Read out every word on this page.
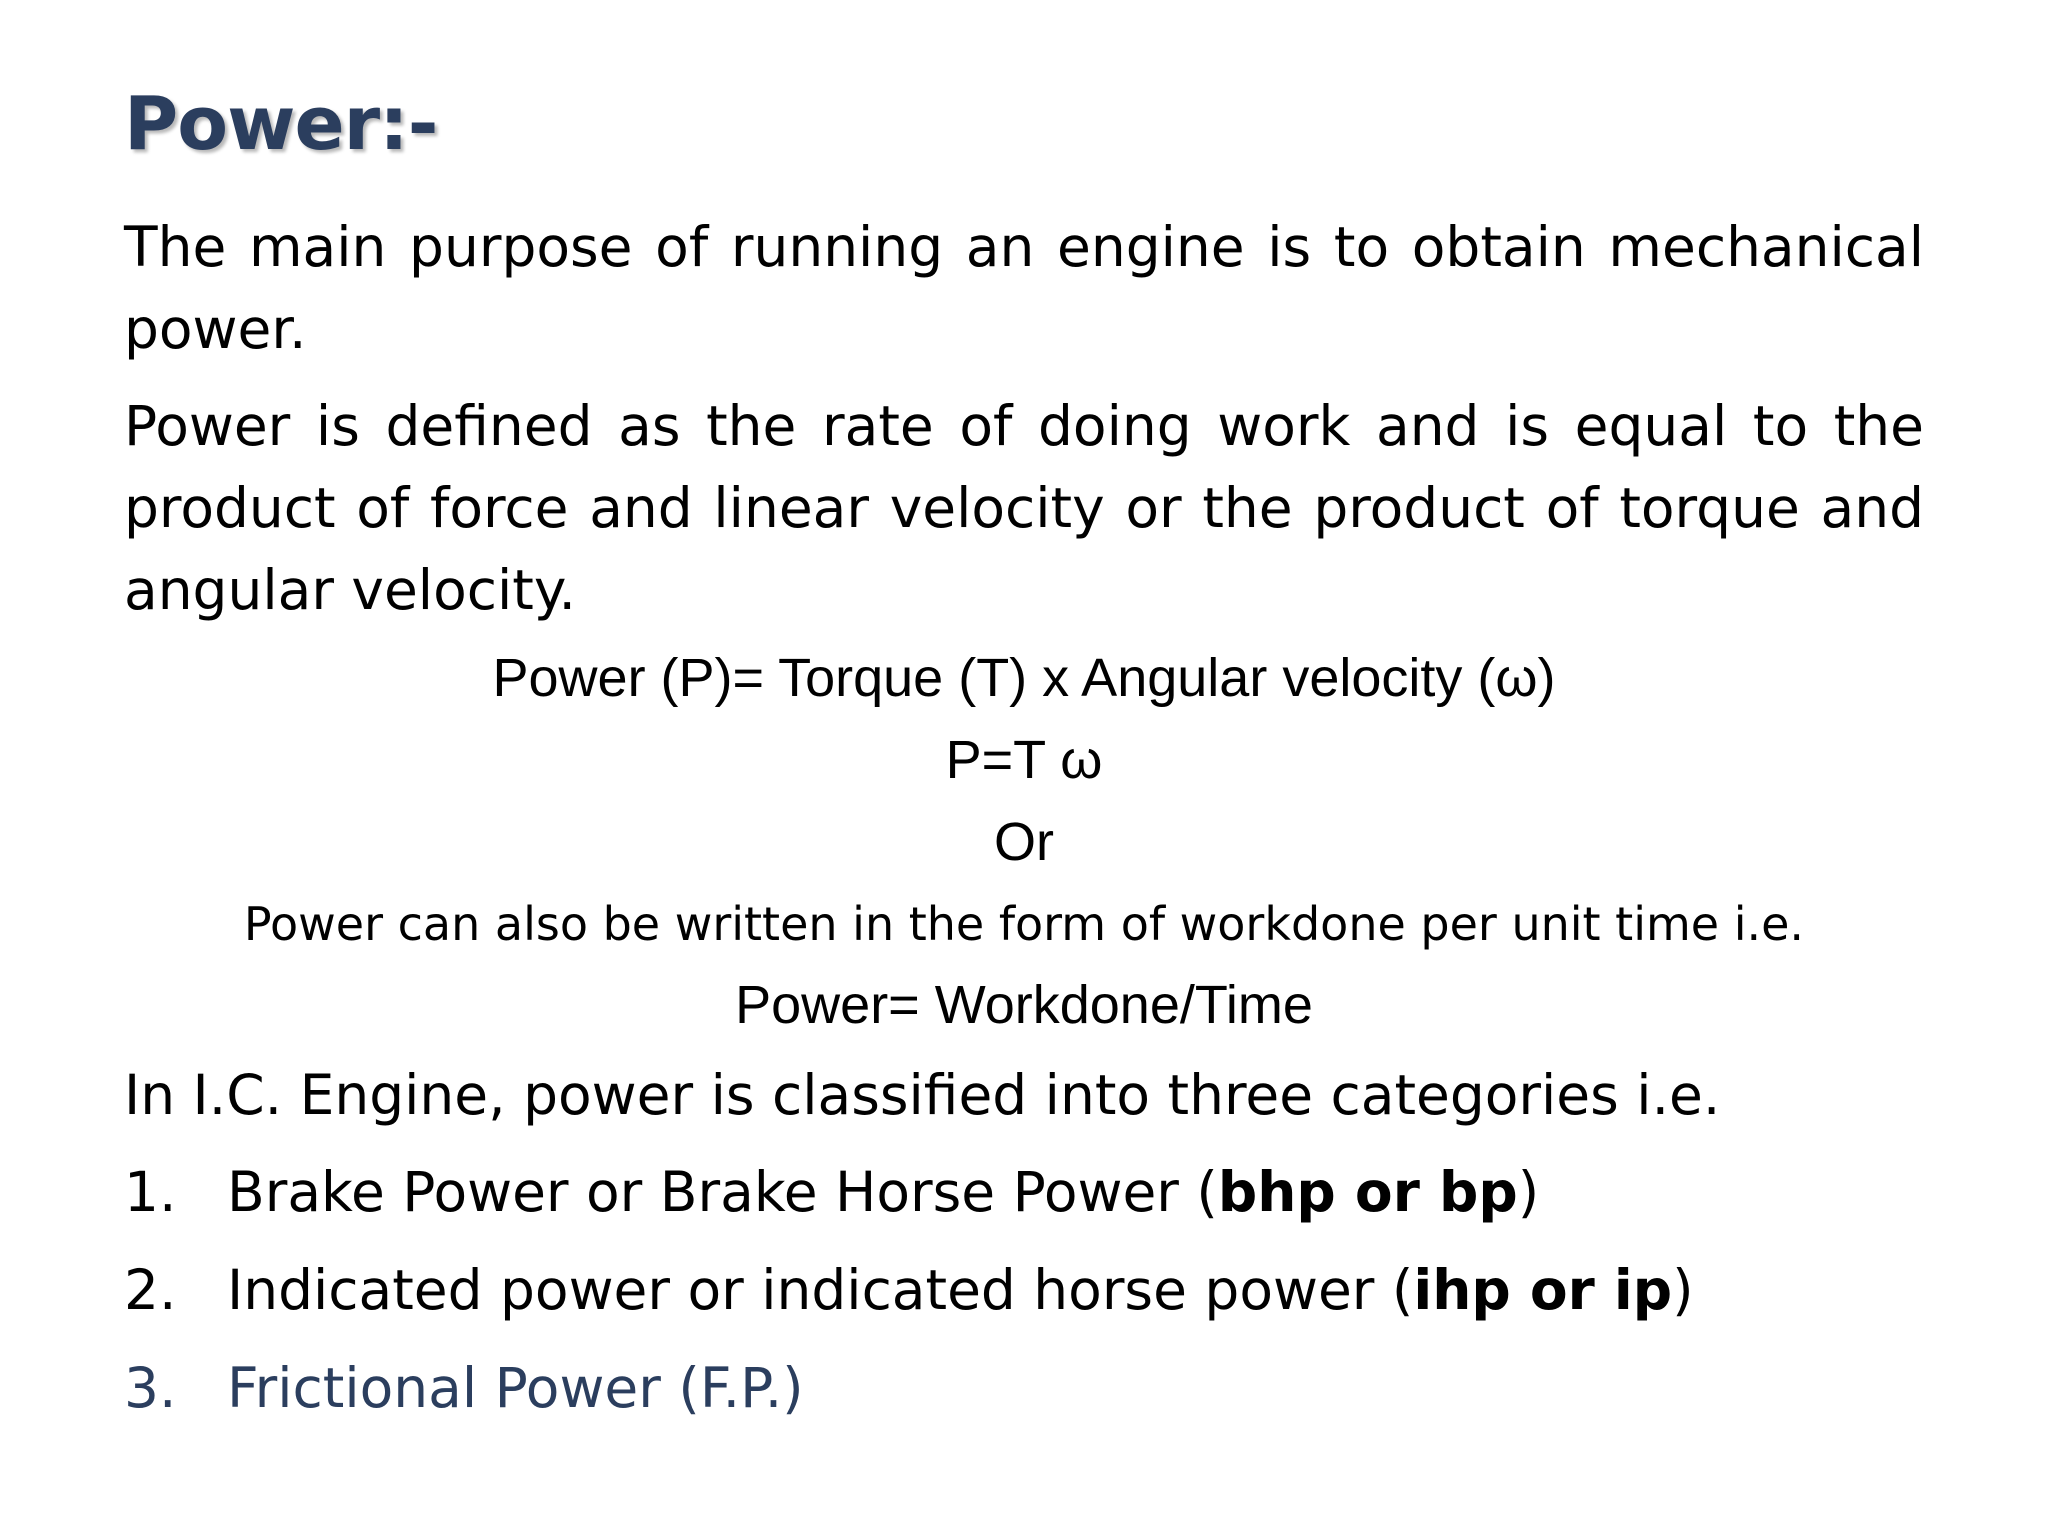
Power:-
The main purpose of running an engine is to obtain mechanical power.
Power is defined as the rate of doing work and is equal to the product of force and linear velocity or the product of torque and angular velocity.
Power (P)= Torque (T) x Angular velocity (ω)
P=T ω
Or
Power can also be written in the form of workdone per unit time i.e.
Power= Workdone/Time
In I.C. Engine, power is classified into three categories i.e.
1. Brake Power or Brake Horse Power (bhp or bp)
2. Indicated power or indicated horse power (ihp or ip)
3. Frictional Power (F.P.)
